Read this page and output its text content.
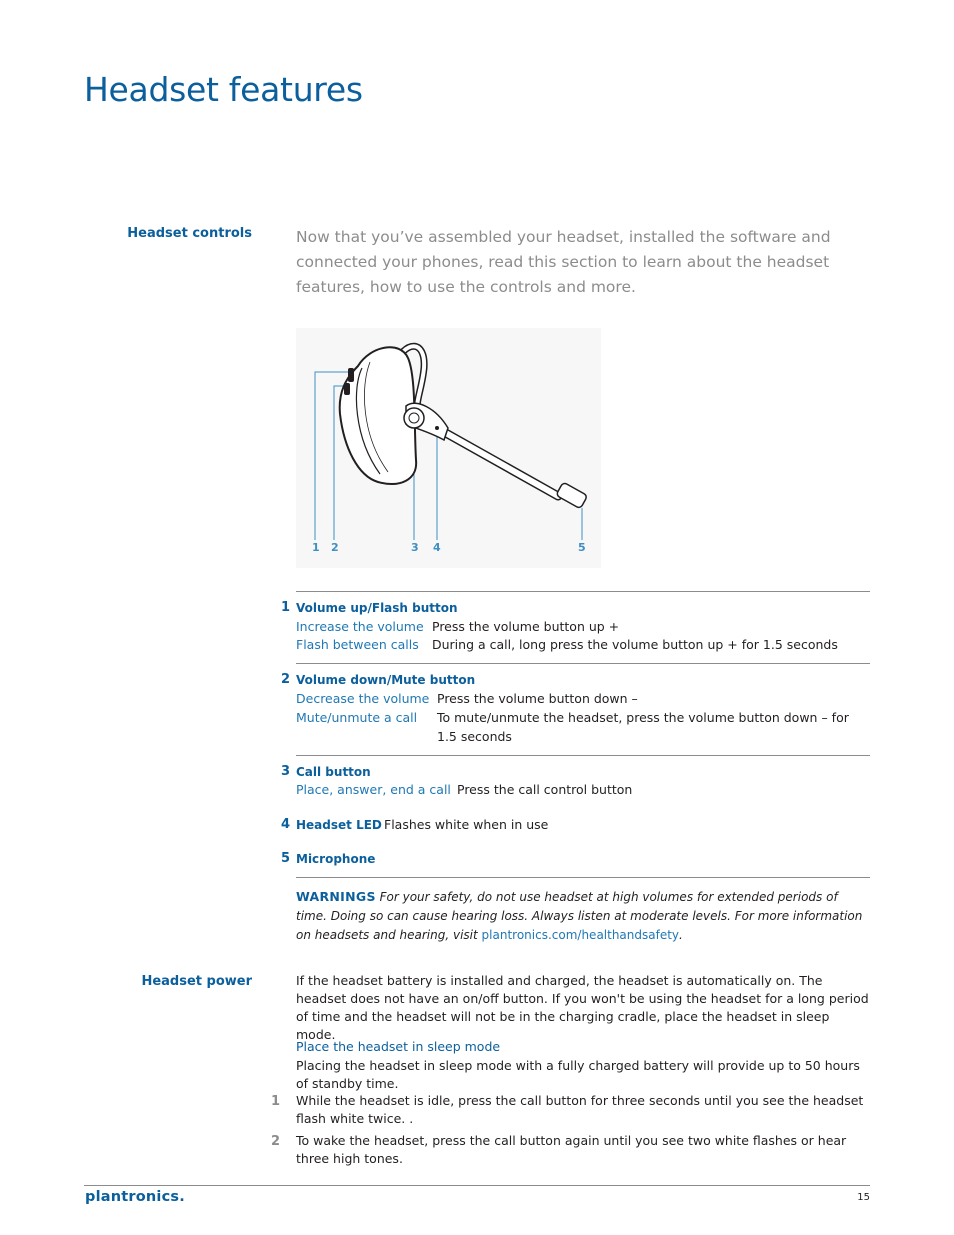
Headset features
Headset controls	Now that you’ve assembled your headset, installed the software and connected your phones, read this section to learn about the headset features, how to use the controls and more.
1 2	3 4	5
1 Volume up/Flash button
Increase the volume Press the volume button up +
Flash between calls During a call, long press the volume button up + for 1.5 seconds
2 Volume down/Mute button
Decrease the volume Press the volume button down –
Mute/unmute a call To mute/unmute the headset, press the volume button down – for 1.5 seconds
3 Call button
Place, answer, end a call Press the call control button
4 Headset LED Flashes white when in use
5 Microphone
WARNINGS For your safety, do not use headset at high volumes for extended periods of time. Doing so can cause hearing loss. Always listen at moderate levels. For more information on headsets and hearing, visit plantronics.com/healthandsafety.
Headset power	If the headset battery is installed and charged, the headset is automatically on. The headset does not have an on/off button. If you won't be using the headset for a long period of time and the headset will not be in the charging cradle, place the headset in sleep mode.
Place the headset in sleep mode
Placing the headset in sleep mode with a fully charged battery will provide up to 50 hours of standby time.
1 While the headset is idle, press the call button for three seconds until you see the headset flash white twice. .
2 To wake the headset, press the call button again until you see two white flashes or hear three high tones.
plantronics.	15
